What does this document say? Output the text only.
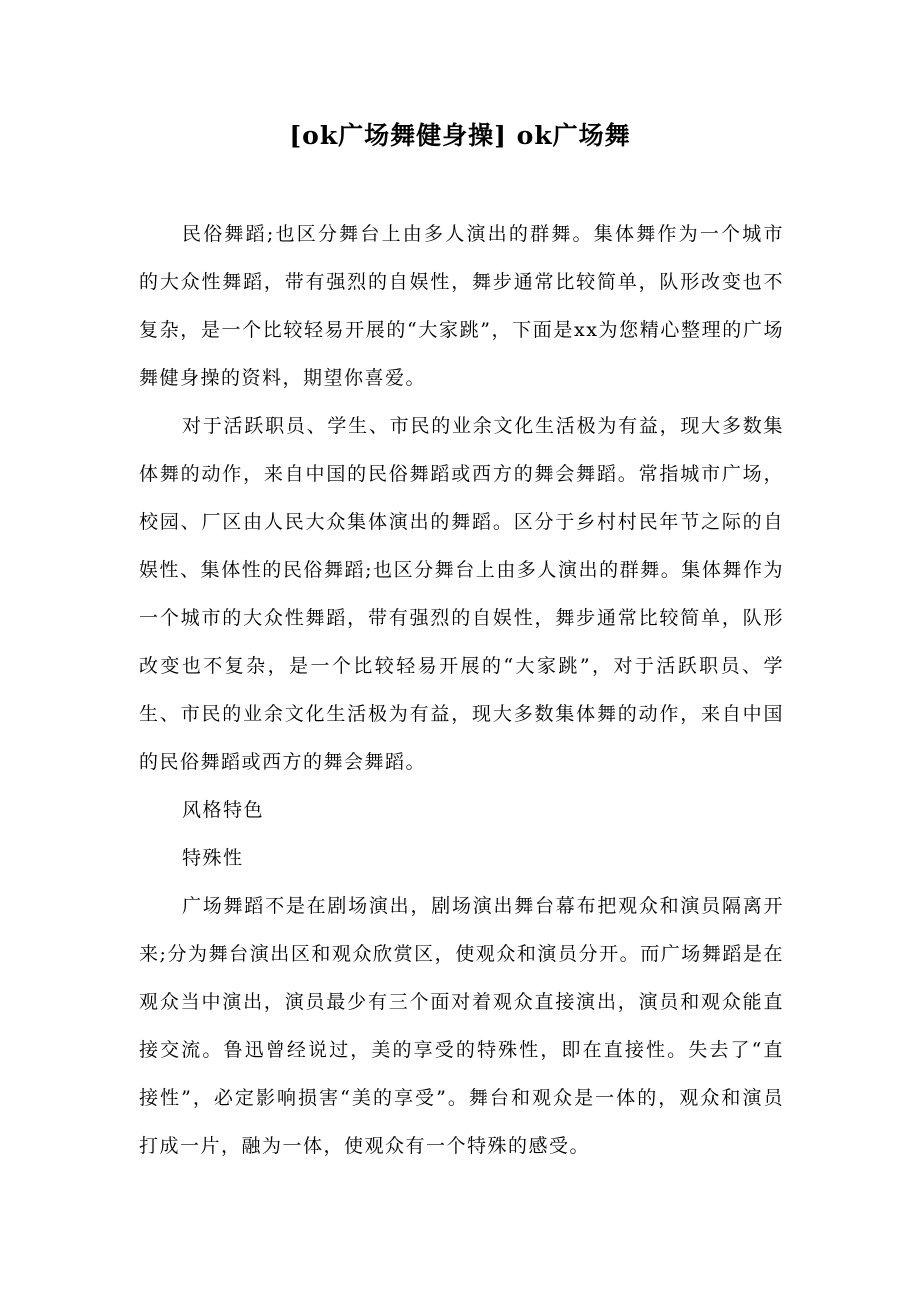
[ok广场舞健身操] ok广场舞

民俗舞蹈;也区分舞台上由多人演出的群舞。集体舞作为一个城市的大众性舞蹈，带有强烈的自娱性，舞步通常比较简单，队形改变也不复杂，是一个比较轻易开展的“大家跳”，下面是xx为您精心整理的广场舞健身操的资料，期望你喜爱。

对于活跃职员、学生、市民的业余文化生活极为有益，现大多数集体舞的动作，来自中国的民俗舞蹈或西方的舞会舞蹈。常指城市广场，校园、厂区由人民大众集体演出的舞蹈。区分于乡村村民年节之际的自娱性、集体性的民俗舞蹈;也区分舞台上由多人演出的群舞。集体舞作为一个城市的大众性舞蹈，带有强烈的自娱性，舞步通常比较简单，队形改变也不复杂，是一个比较轻易开展的“大家跳”，对于活跃职员、学生、市民的业余文化生活极为有益，现大多数集体舞的动作，来自中国的民俗舞蹈或西方的舞会舞蹈。

风格特色

特殊性

广场舞蹈不是在剧场演出，剧场演出舞台幕布把观众和演员隔离开来;分为舞台演出区和观众欣赏区，使观众和演员分开。而广场舞蹈是在观众当中演出，演员最少有三个面对着观众直接演出，演员和观众能直接交流。鲁迅曾经说过，美的享受的特殊性，即在直接性。失去了“直接性”，必定影响损害“美的享受”。舞台和观众是一体的，观众和演员打成一片，融为一体，使观众有一个特殊的感受。
